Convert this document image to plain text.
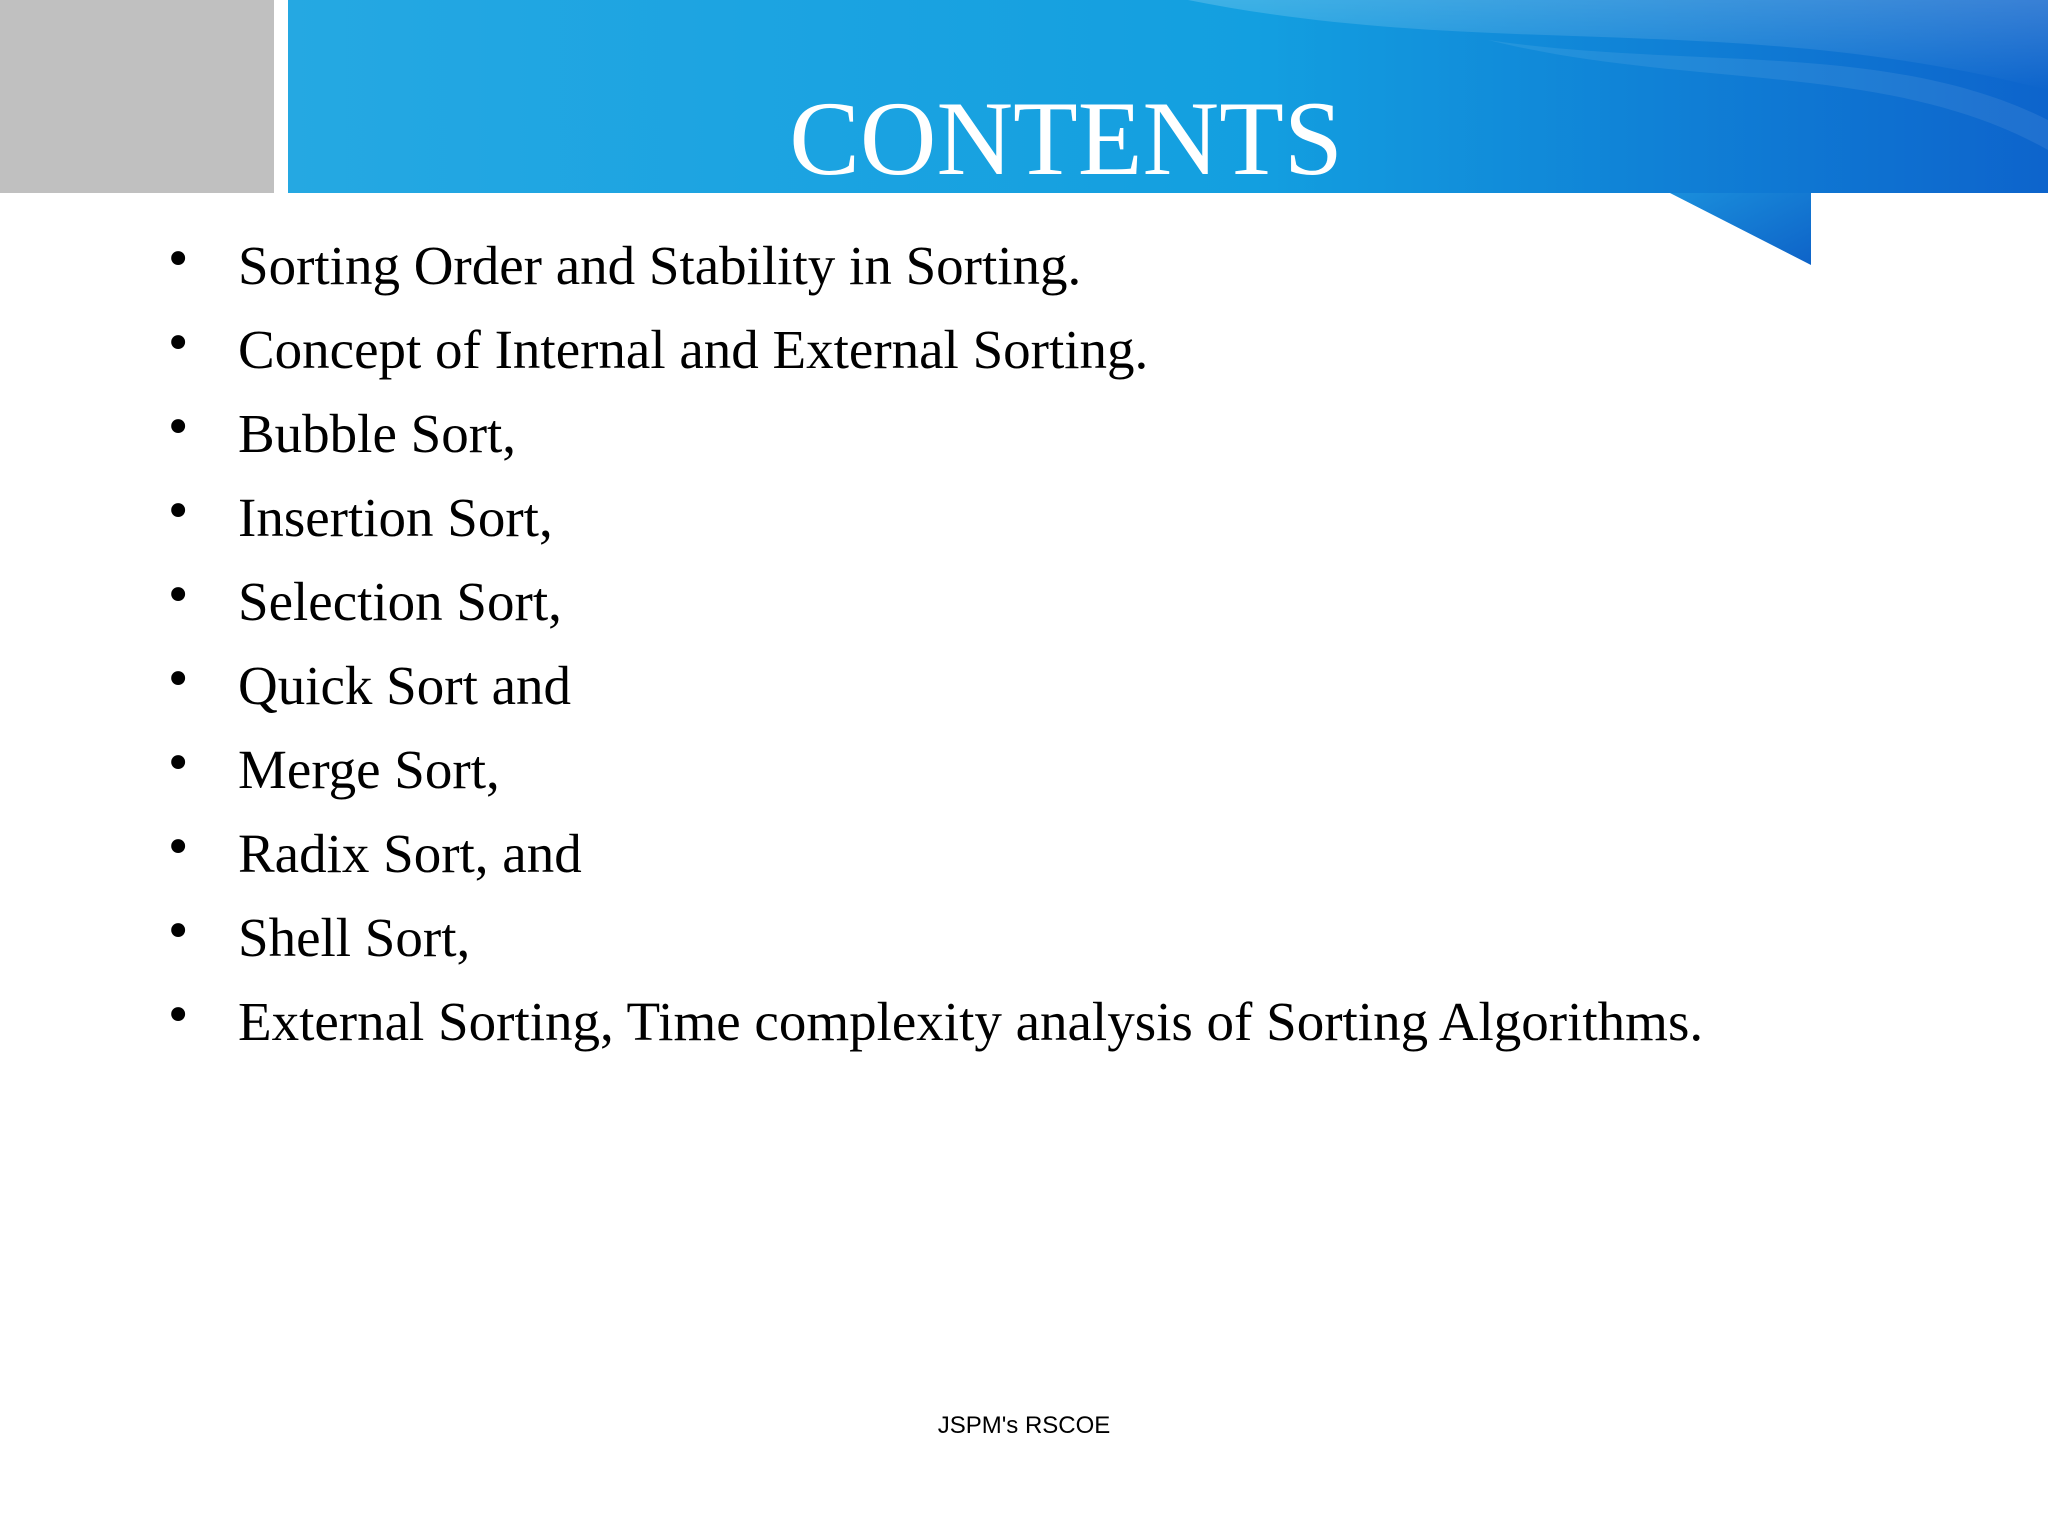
CONTENTS
• Sorting Order and Stability in Sorting.
• Concept of Internal and External Sorting.
• Bubble Sort,
• Insertion Sort,
• Selection Sort,
• Quick Sort and
• Merge Sort,
• Radix Sort, and
• Shell Sort,
• External Sorting, Time complexity analysis of Sorting Algorithms.
JSPM's RSCOE
